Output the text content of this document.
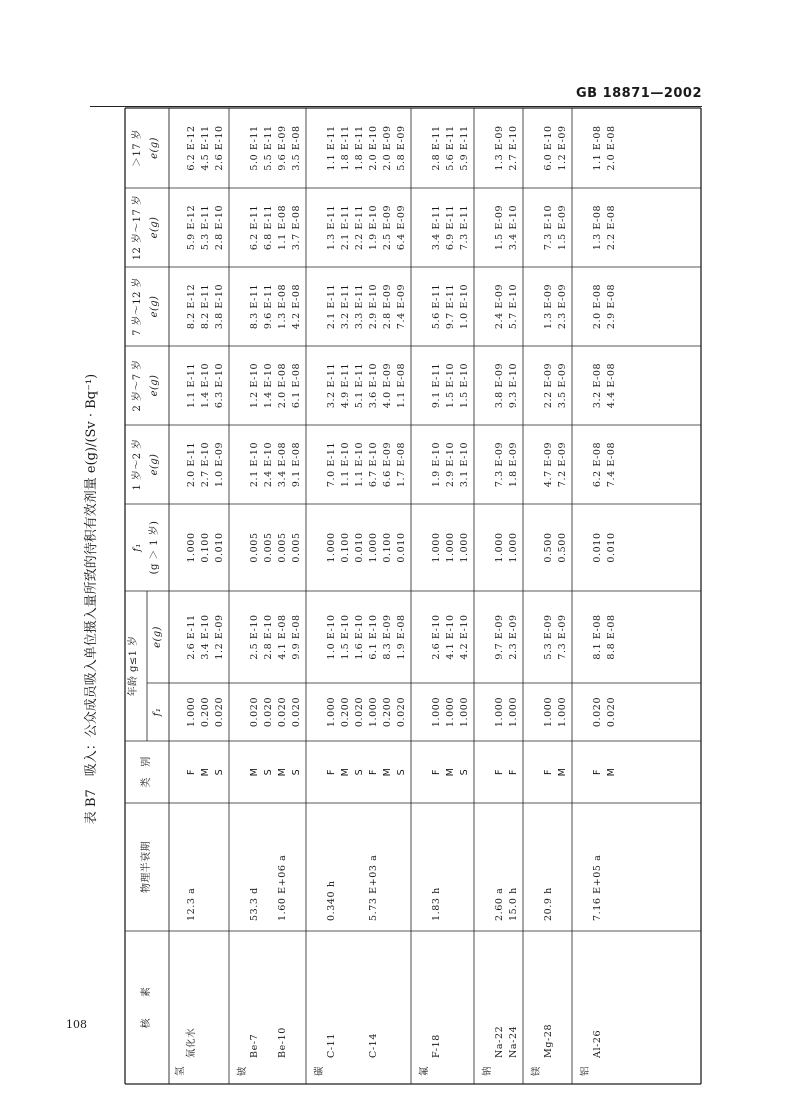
GB 18871—2002
108
表 B7　吸入：公众成员吸入单位摄入量所致的待积有效剂量 e(g)/(Sv · Bq⁻¹)
核　　素
物理半衰期
类　别
年龄 g≤1 岁
f₁
e(g)
f₁ (g ＞ 1 岁)
1 岁～2 岁 e(g)
2 岁～7 岁 e(g)
7 岁～12 岁 e(g)
12 岁～17 岁 e(g)
＞17 岁 e(g)
氢
氚化水
12.3 a
F
1.000
2.6 E-11
1.000
2.0 E-11
1.1 E-11
8.2 E-12
5.9 E-12
6.2 E-12
M
0.200
3.4 E-10
0.100
2.7 E-10
1.4 E-10
8.2 E-11
5.3 E-11
4.5 E-11
S
0.020
1.2 E-09
0.010
1.0 E-09
6.3 E-10
3.8 E-10
2.8 E-10
2.6 E-10
铍
Be-7
53.3 d
M
0.020
2.5 E-10
0.005
2.1 E-10
1.2 E-10
8.3 E-11
6.2 E-11
5.0 E-11
S
0.020
2.8 E-10
0.005
2.4 E-10
1.4 E-10
9.6 E-11
6.8 E-11
5.5 E-11
Be-10
1.60 E+06 a
M
0.020
4.1 E-08
0.005
3.4 E-08
2.0 E-08
1.3 E-08
1.1 E-08
9.6 E-09
S
0.020
9.9 E-08
0.005
9.1 E-08
6.1 E-08
4.2 E-08
3.7 E-08
3.5 E-08
碳
C-11
0.340 h
F
1.000
1.0 E-10
1.000
7.0 E-11
3.2 E-11
2.1 E-11
1.3 E-11
1.1 E-11
M
0.200
1.5 E-10
0.100
1.1 E-10
4.9 E-11
3.2 E-11
2.1 E-11
1.8 E-11
S
0.020
1.6 E-10
0.010
1.1 E-10
5.1 E-11
3.3 E-11
2.2 E-11
1.8 E-11
C-14
5.73 E+03 a
F
1.000
6.1 E-10
1.000
6.7 E-10
3.6 E-10
2.9 E-10
1.9 E-10
2.0 E-10
M
0.200
8.3 E-09
0.100
6.6 E-09
4.0 E-09
2.8 E-09
2.5 E-09
2.0 E-09
S
0.020
1.9 E-08
0.010
1.7 E-08
1.1 E-08
7.4 E-09
6.4 E-09
5.8 E-09
氟
F-18
1.83 h
F
1.000
2.6 E-10
1.000
1.9 E-10
9.1 E-11
5.6 E-11
3.4 E-11
2.8 E-11
M
1.000
4.1 E-10
1.000
2.9 E-10
1.5 E-10
9.7 E-11
6.9 E-11
5.6 E-11
S
1.000
4.2 E-10
1.000
3.1 E-10
1.5 E-10
1.0 E-10
7.3 E-11
5.9 E-11
钠
Na-22
2.60 a
F
1.000
9.7 E-09
1.000
7.3 E-09
3.8 E-09
2.4 E-09
1.5 E-09
1.3 E-09
Na-24
15.0 h
F
1.000
2.3 E-09
1.000
1.8 E-09
9.3 E-10
5.7 E-10
3.4 E-10
2.7 E-10
镁
Mg-28
20.9 h
F
1.000
5.3 E-09
0.500
4.7 E-09
2.2 E-09
1.3 E-09
7.3 E-10
6.0 E-10
M
1.000
7.3 E-09
0.500
7.2 E-09
3.5 E-09
2.3 E-09
1.5 E-09
1.2 E-09
铝
Al-26
7.16 E+05 a
F
0.020
8.1 E-08
0.010
6.2 E-08
3.2 E-08
2.0 E-08
1.3 E-08
1.1 E-08
M
0.020
8.8 E-08
0.010
7.4 E-08
4.4 E-08
2.9 E-08
2.2 E-08
2.0 E-08
